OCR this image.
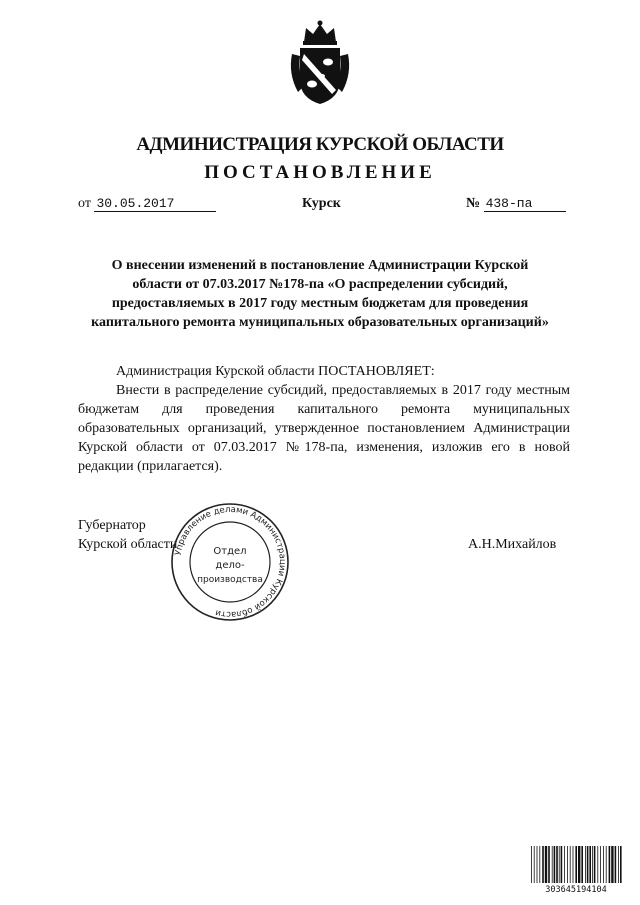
АДМИНИСТРАЦИЯ КУРСКОЙ ОБЛАСТИ
ПОСТАНОВЛЕНИЕ
от 30.05.2017	Курск	№ 438-па
О внесении изменений в постановление Администрации Курской области от 07.03.2017 №178-па «О распределении субсидий, предоставляемых в 2017 году местным бюджетам для проведения капитального ремонта муниципальных образовательных организаций»

Администрация Курской области ПОСТАНОВЛЯЕТ:

Внести в распределение субсидий, предоставляемых в 2017 году местным бюджетам для проведения капитального ремонта муниципальных образовательных организаций, утвержденное постановлением Администрации Курской области от 07.03.2017 №178-па, изменения, изложив его в новой редакции (прилагается).

Губернатор
Курской области	А.Н.Михайлов
Управление делами Администрации Курской области
Отдел
дело-
производства
303645194104
